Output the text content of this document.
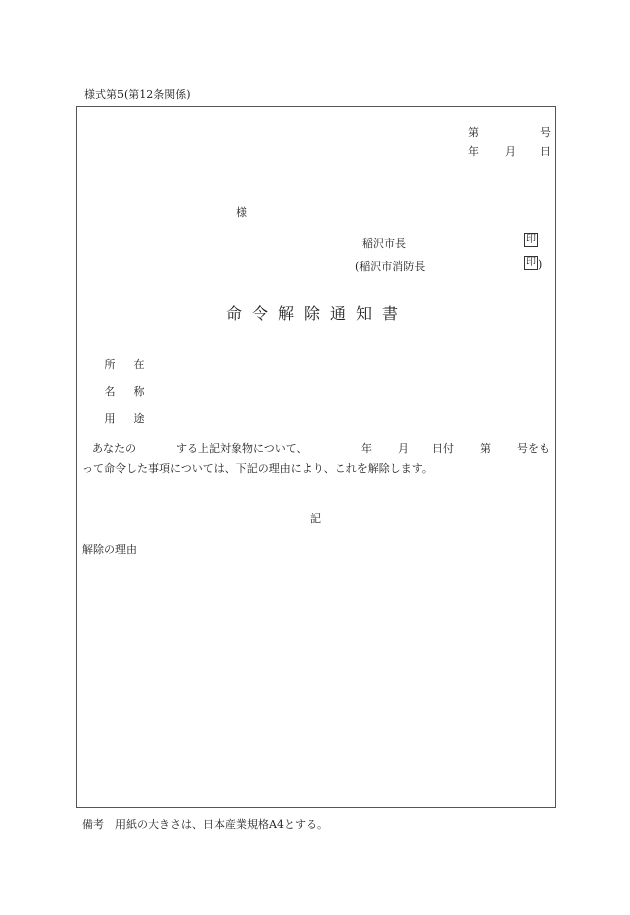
様式第5(第12条関係)
第	号
年 月 日
様
稲沢市長	印
(稲沢市消防長	印 )
命令解除通知書
所 在
名 称
用 途
あなたの	する上記対象物について、	年 月 日付 第 号をも
って命令した事項については、下記の理由により、これを解除します。
記
解除の理由
備考　用紙の大きさは、日本産業規格A4とする。
